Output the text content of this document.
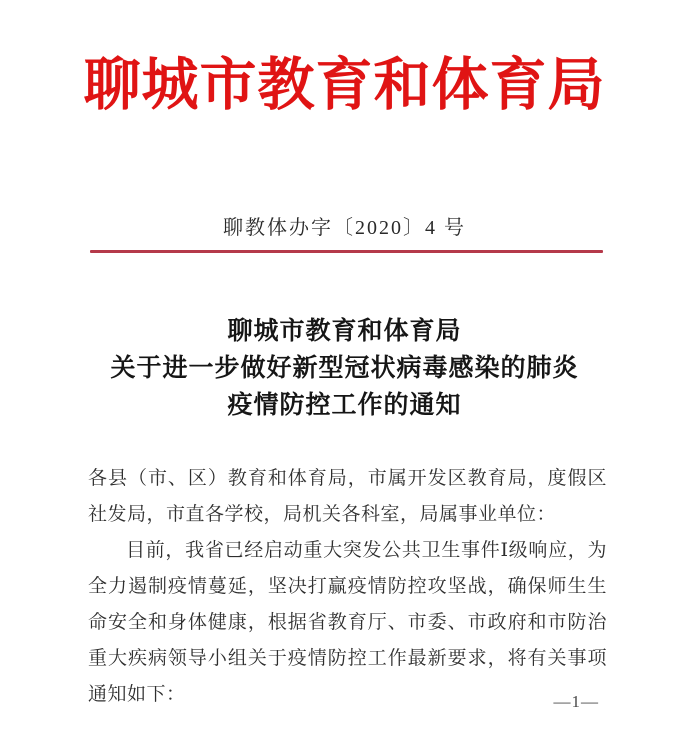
聊城市教育和体育局
聊教体办字〔2020〕4 号
聊城市教育和体育局
关于进一步做好新型冠状病毒感染的肺炎
疫情防控工作的通知

各县（市、区）教育和体育局，市属开发区教育局，度假区社发局，市直各学校，局机关各科室，局属事业单位：

目前，我省已经启动重大突发公共卫生事件Ⅰ级响应，为全力遏制疫情蔓延，坚决打赢疫情防控攻坚战，确保师生生命安全和身体健康，根据省教育厅、市委、市政府和市防治重大疾病领导小组关于疫情防控工作最新要求，将有关事项通知如下：	—1—
